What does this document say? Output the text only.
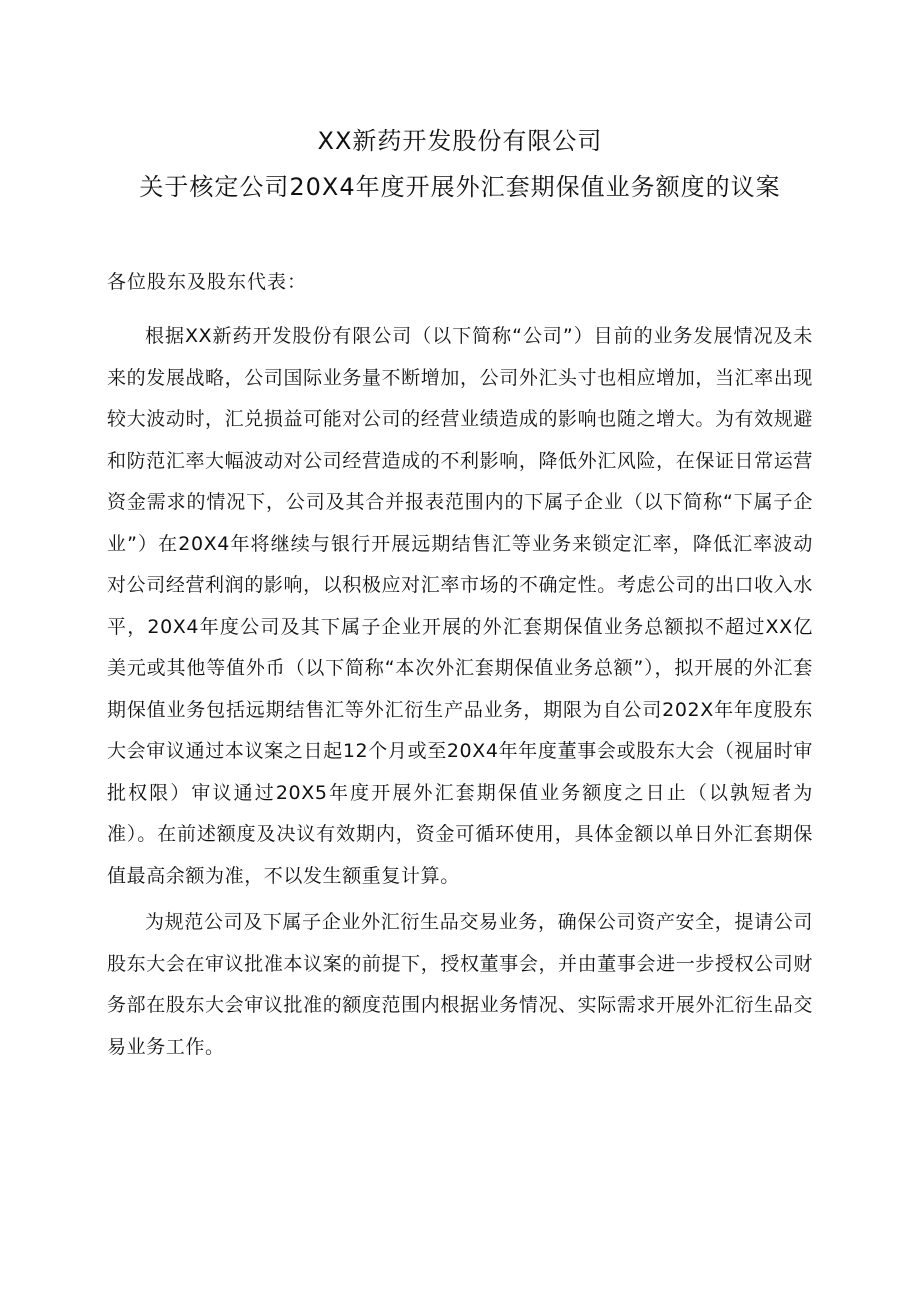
XX新药开发股份有限公司
关于核定公司20X4年度开展外汇套期保值业务额度的议案
各位股东及股东代表：

根据XX新药开发股份有限公司（以下简称“公司”）目前的业务发展情况及未来的发展战略，公司国际业务量不断增加，公司外汇头寸也相应增加，当汇率出现较大波动时，汇兑损益可能对公司的经营业绩造成的影响也随之增大。为有效规避和防范汇率大幅波动对公司经营造成的不利影响，降低外汇风险，在保证日常运营资金需求的情况下，公司及其合并报表范围内的下属子企业（以下简称“下属子企业”）在20X4年将继续与银行开展远期结售汇等业务来锁定汇率，降低汇率波动对公司经营利润的影响，以积极应对汇率市场的不确定性。考虑公司的出口收入水平，20X4年度公司及其下属子企业开展的外汇套期保值业务总额拟不超过XX亿美元或其他等值外币（以下简称“本次外汇套期保值业务总额”），拟开展的外汇套期保值业务包括远期结售汇等外汇衍生产品业务，期限为自公司202X年年度股东大会审议通过本议案之日起12个月或至20X4年年度董事会或股东大会（视届时审批权限）审议通过20X5年度开展外汇套期保值业务额度之日止（以孰短者为准）。在前述额度及决议有效期内，资金可循环使用，具体金额以单日外汇套期保值最高余额为准，不以发生额重复计算。

为规范公司及下属子企业外汇衍生品交易业务，确保公司资产安全，提请公司股东大会在审议批准本议案的前提下，授权董事会，并由董事会进一步授权公司财务部在股东大会审议批准的额度范围内根据业务情况、实际需求开展外汇衍生品交易业务工作。
